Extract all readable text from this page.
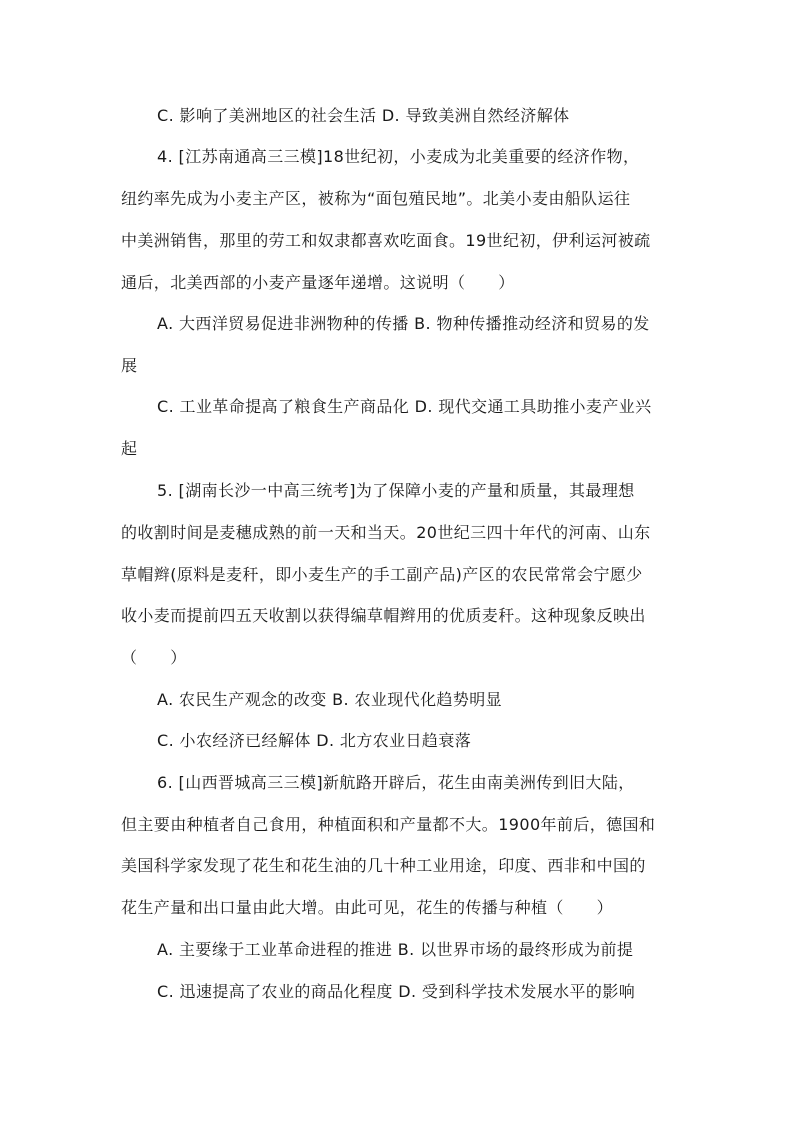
C. 影响了美洲地区的社会生活 D. 导致美洲自然经济解体
4. [江苏南通高三三模]18世纪初，小麦成为北美重要的经济作物，
纽约率先成为小麦主产区，被称为“面包殖民地”。北美小麦由船队运往
中美洲销售，那里的劳工和奴隶都喜欢吃面食。19世纪初，伊利运河被疏
通后，北美西部的小麦产量逐年递增。这说明（　　）
A. 大西洋贸易促进非洲物种的传播 B. 物种传播推动经济和贸易的发
展
C. 工业革命提高了粮食生产商品化 D. 现代交通工具助推小麦产业兴
起
5. [湖南长沙一中高三统考]为了保障小麦的产量和质量，其最理想
的收割时间是麦穗成熟的前一天和当天。20世纪三四十年代的河南、山东
草帽辫(原料是麦秆，即小麦生产的手工副产品)产区的农民常常会宁愿少
收小麦而提前四五天收割以获得编草帽辫用的优质麦秆。这种现象反映出
（　　）
A. 农民生产观念的改变 B. 农业现代化趋势明显
C. 小农经济已经解体 D. 北方农业日趋衰落
6. [山西晋城高三三模]新航路开辟后，花生由南美洲传到旧大陆，
但主要由种植者自己食用，种植面积和产量都不大。1900年前后，德国和
美国科学家发现了花生和花生油的几十种工业用途，印度、西非和中国的
花生产量和出口量由此大增。由此可见，花生的传播与种植（　　）
A. 主要缘于工业革命进程的推进 B. 以世界市场的最终形成为前提
C. 迅速提高了农业的商品化程度 D. 受到科学技术发展水平的影响
